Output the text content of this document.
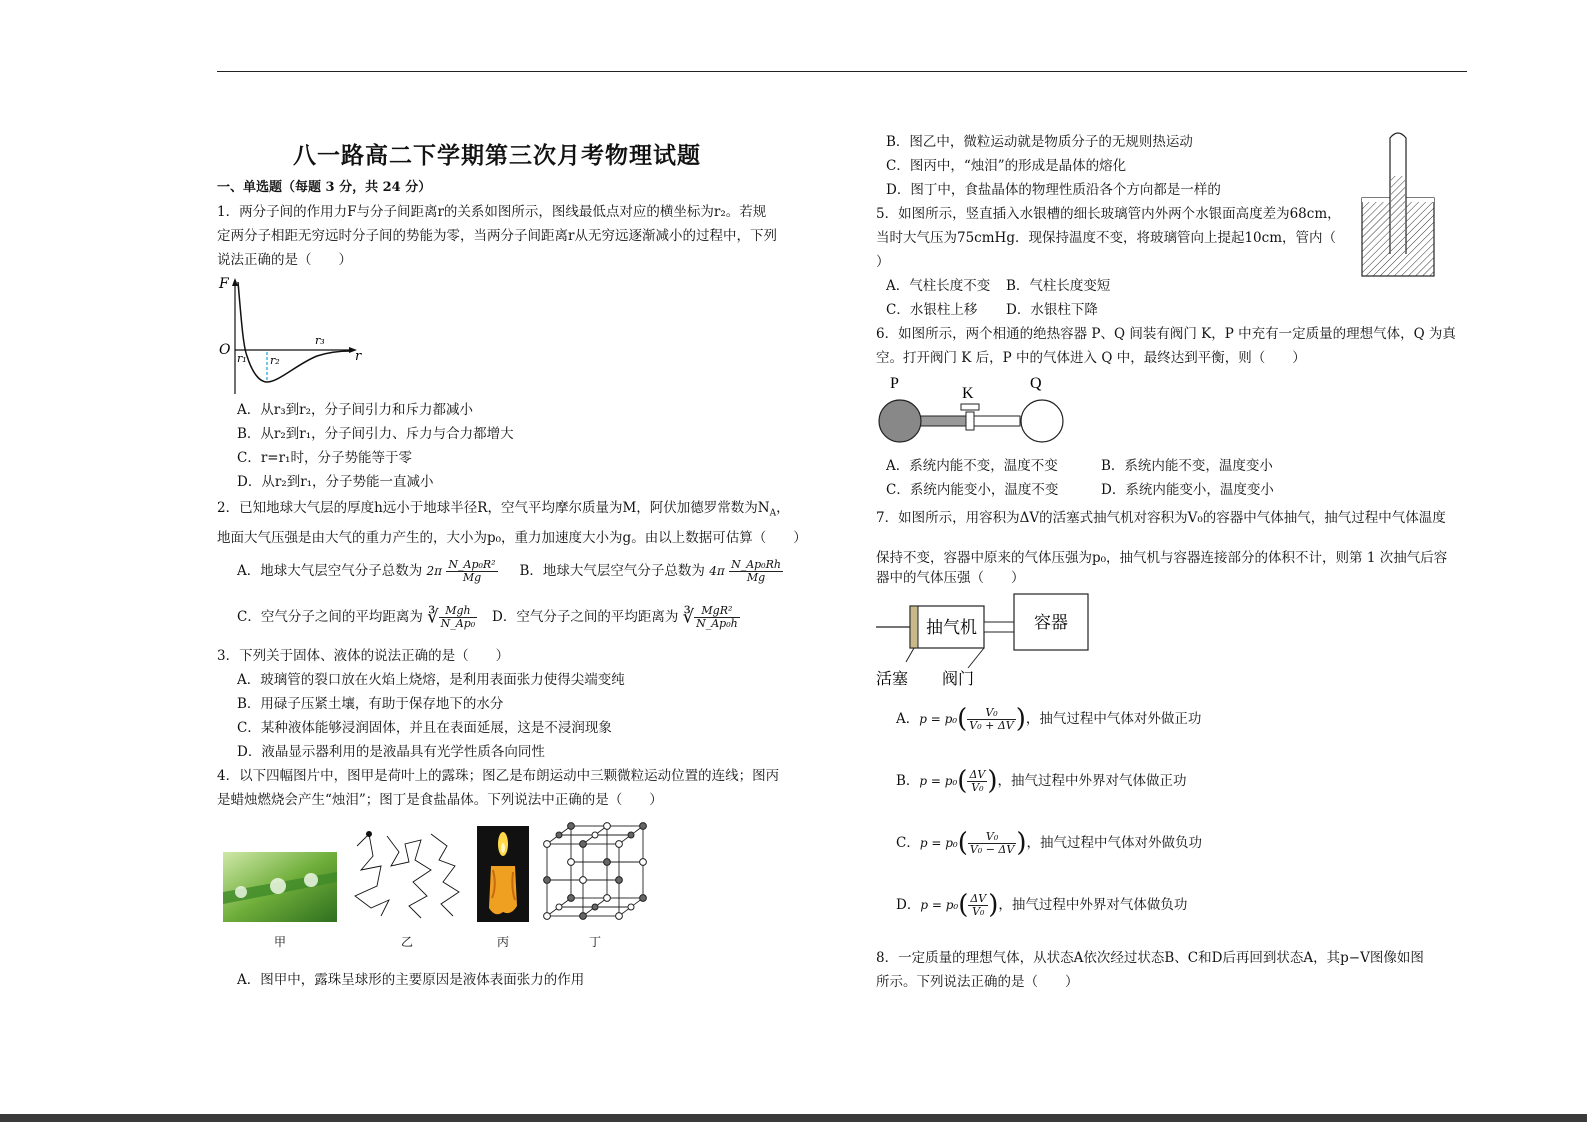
八一路高二下学期第三次月考物理试题
一、单选题（每题 3 分，共 24 分）

1．两分子间的作用力F与分子间距离r的关系如图所示，图线最低点对应的横坐标为r₂。若规

定两分子相距无穷远时分子间的势能为零，当两分子间距离r从无穷远逐渐减小的过程中，下列

说法正确的是（　　）

F
O	r
r₁ r₂
r₃

A．从r₃到r₂，分子间引力和斥力都减小

B．从r₂到r₁，分子间引力、斥力与合力都增大

C．r=r₁时，分子势能等于零

D．从r₂到r₁，分子势能一直减小

2．已知地球大气层的厚度h远小于地球半径R，空气平均摩尔质量为M，阿伏加德罗常数为$N_A$，

地面大气压强是由大气的重力产生的，大小为p₀，重力加速度大小为g。由以上数据可估算（　　）

A．地球大气层空气分子总数为 $2\pi \frac{\text{N\_Ap₀R²}}{Mg}$ B．地球大气层空气分子总数为 $4\pi \frac{\text{N\_Ap₀Rh}}{Mg}$
C．空气分子之间的平均距离为 ∛ $\frac{\text{Mgh}}{\text{N\_Ap₀}}$ D．空气分子之间的平均距离为 ∛ $\frac{\text{MgR²}}{\text{N\_Ap₀h}}$

3．下列关于固体、液体的说法正确的是（　　）

A．玻璃管的裂口放在火焰上烧熔，是利用表面张力使得尖端变纯

B．用碌子压紧土壤，有助于保存地下的水分

C．某种液体能够浸润固体，并且在表面延展，这是不浸润现象

D．液晶显示器利用的是液晶具有光学性质各向同性

4．以下四幅图片中，图甲是荷叶上的露珠；图乙是布朗运动中三颗微粒运动位置的连线；图丙

是蜡烛燃烧会产生“烛泪”；图丁是食盐晶体。下列说法中正确的是（　　）

甲	乙	丙	丁

A．图甲中，露珠呈球形的主要原因是液体表面张力的作用

B．图乙中，微粒运动就是物质分子的无规则热运动

C．图丙中，“烛泪”的形成是晶体的熔化

D．图丁中，食盐晶体的物理性质沿各个方向都是一样的

5．如图所示，竖直插入水银槽的细长玻璃管内外两个水银面高度差为68cm，

当时大气压为75cmHg．现保持温度不变，将玻璃管向上提起10cm，管内（

）

A．气柱长度不变	B．气柱长度变短
C．水银柱上移	D．水银柱下降

6．如图所示，两个相通的绝热容器 P、Q 间装有阀门 K，P 中充有一定质量的理想气体，Q 为真

空。打开阀门 K 后，P 中的气体进入 Q 中，最终达到平衡，则（　　）

P
K
Q
A．系统内能不变，温度不变	B．系统内能不变，温度变小
C．系统内能变小，温度不变	D．系统内能变小，温度变小

7．如图所示，用容积为ΔV的活塞式抽气机对容积为V₀的容器中气体抽气，抽气过程中气体温度

保持不变，容器中原来的气体压强为p₀，抽气机与容器连接部分的体积不计，则第 1 次抽气后容

器中的气体压强（　　）

抽气机	容器
活塞 阀门
A． p = p₀ ( $\frac{\text{V₀}}{\text{V₀ + ΔV}}$ ) ，抽气过程中气体对外做正功
B． p = p₀ ( $\frac{\Delta V}{\text{V₀}}$ ) ，抽气过程中外界对气体做正功
C． p = p₀ ( $\frac{\text{V₀}}{\text{V₀ − ΔV}}$ ) ，抽气过程中气体对外做负功
D． p = p₀ ( $\frac{\Delta V}{\text{V₀}}$ ) ，抽气过程中外界对气体做负功

8．一定质量的理想气体，从状态A依次经过状态B、C和D后再回到状态A，其p−V图像如图

所示。下列说法正确的是（　　）
